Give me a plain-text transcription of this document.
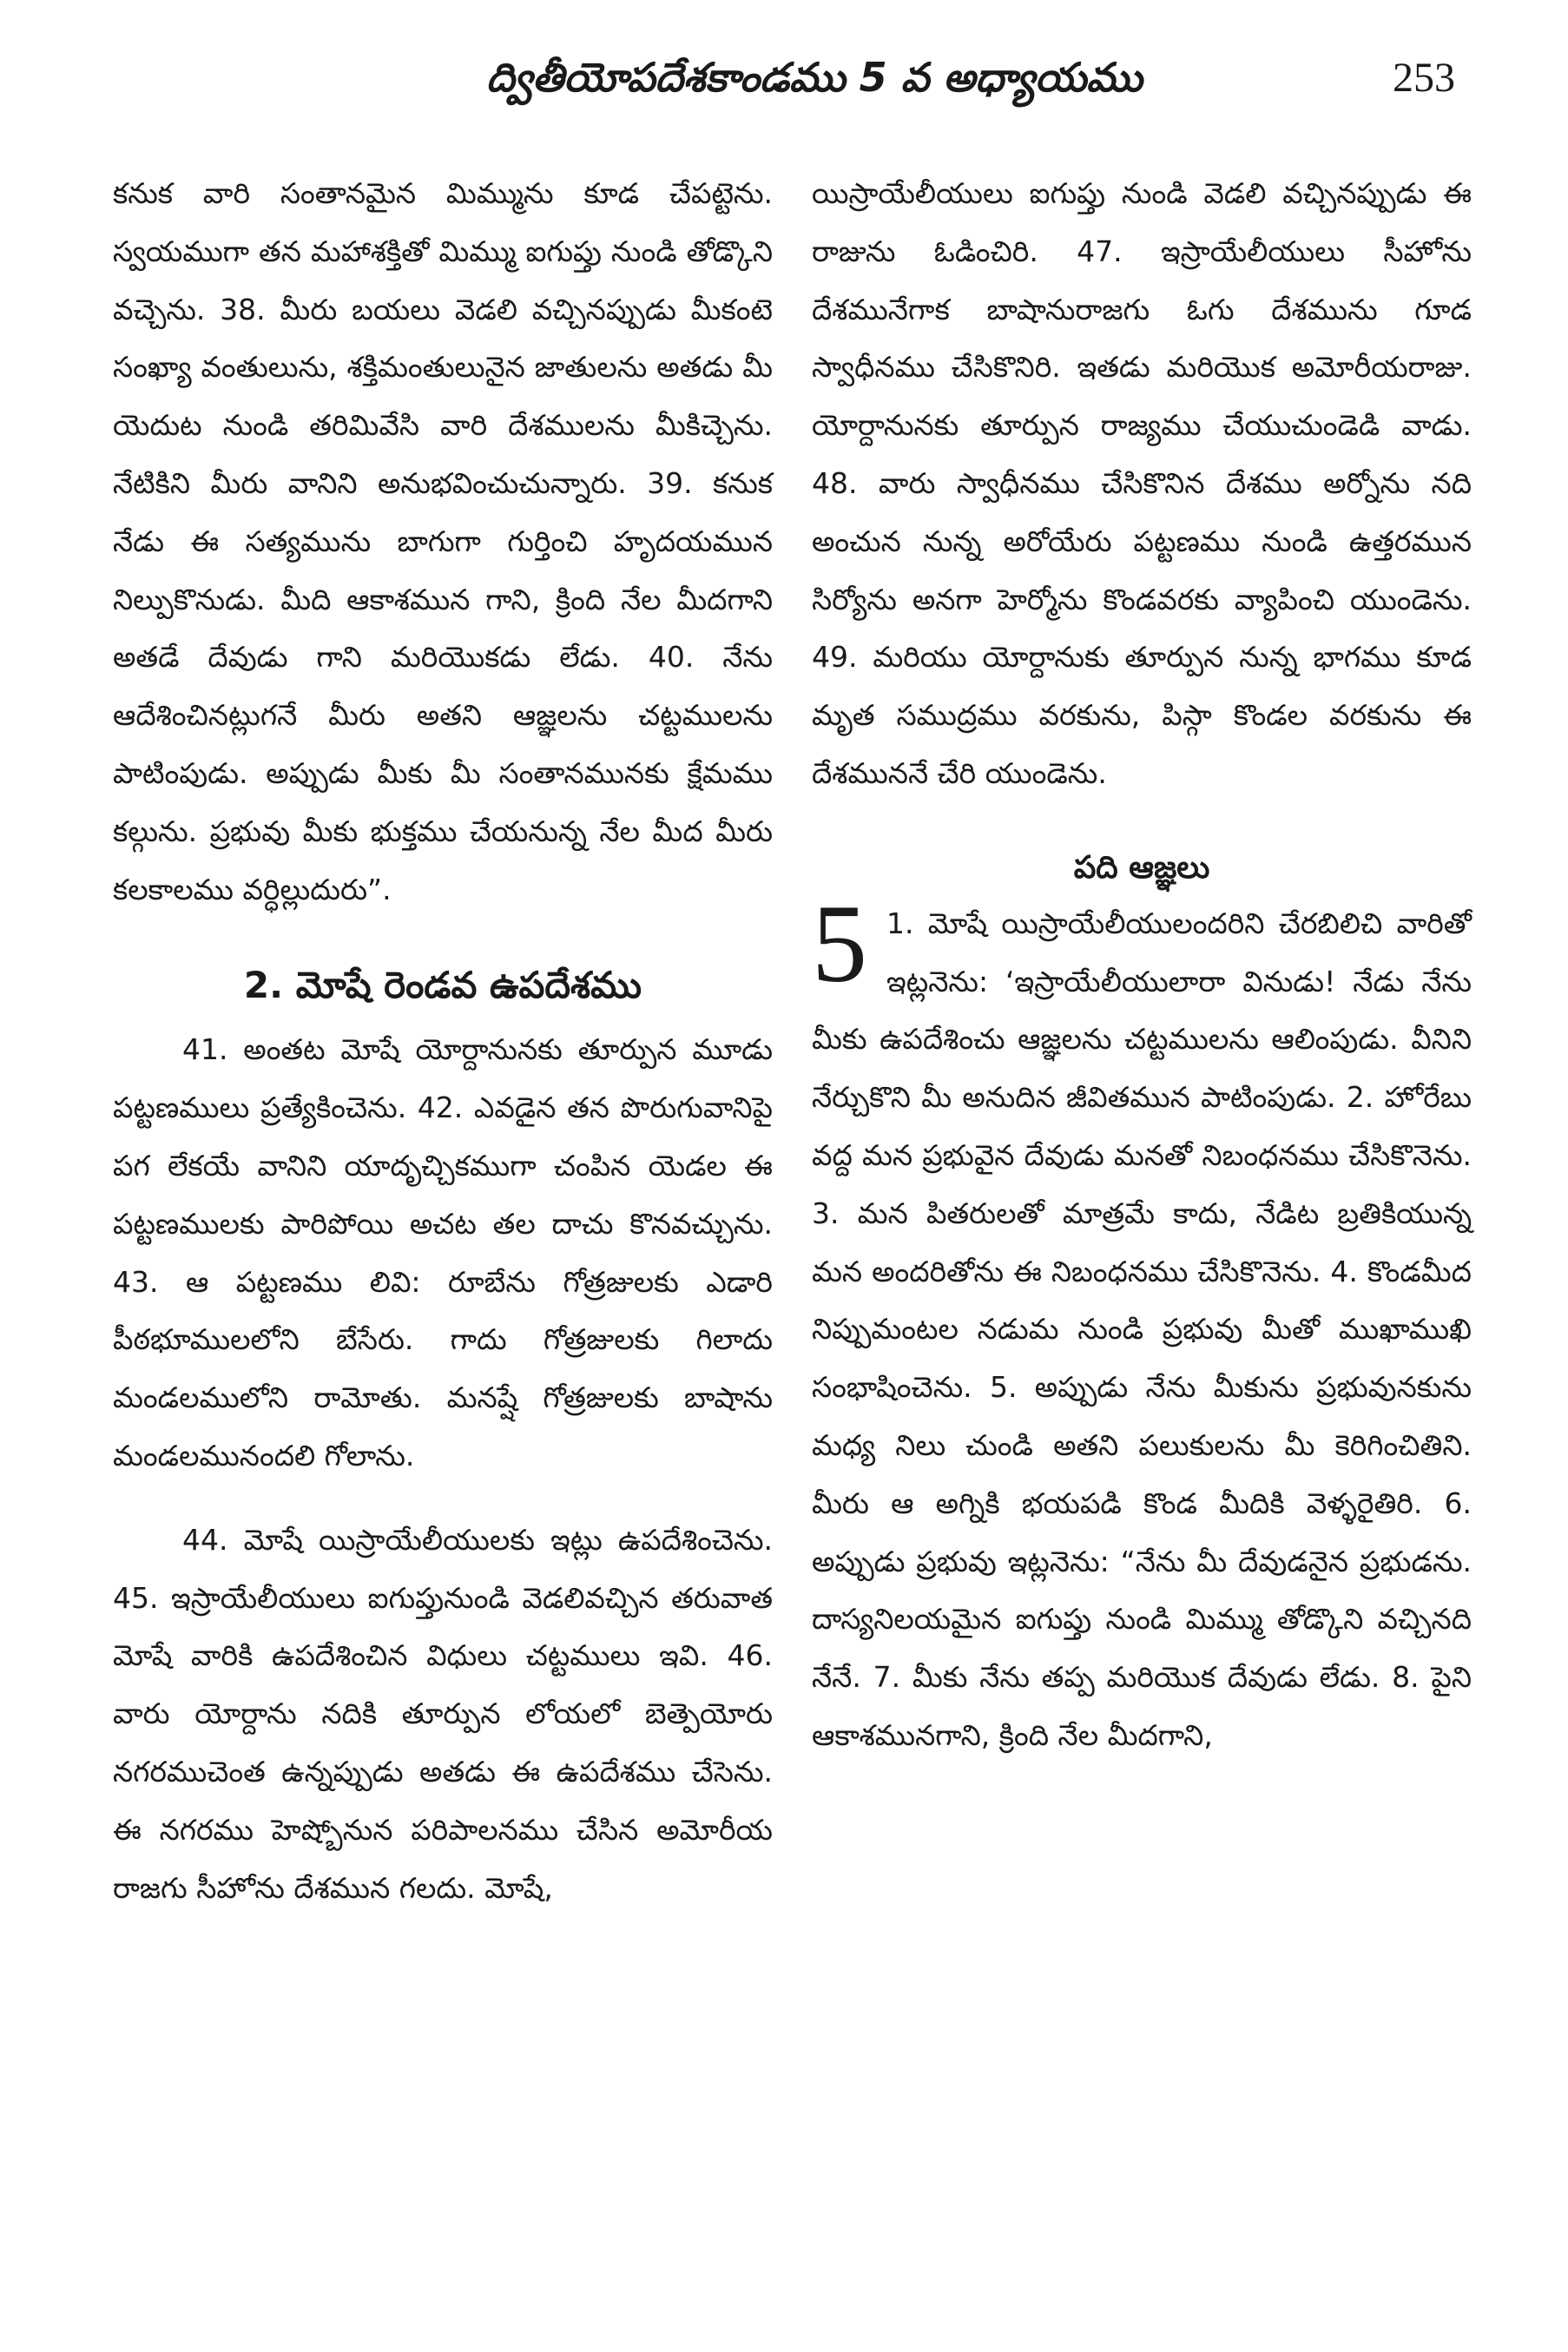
ద్వితీయోపదేశకాండము 5 వ అధ్యాయము	253

కనుక వారి సంతానమైన మిమ్మును కూడ చేపట్టెను. స్వయముగా తన మహాశక్తితో మిమ్ము ఐగుప్తు నుండి తోడ్కొని వచ్చెను. 38. మీరు బయలు వెడలి వచ్చినప్పుడు మీకంటె సంఖ్యా వంతులును, శక్తిమంతులునైన జాతులను అతడు మీ యెదుట నుండి తరిమివేసి వారి దేశములను మీకిచ్చెను. నేటికిని మీరు వానిని అనుభవించుచున్నారు. 39. కనుక నేడు ఈ సత్యమును బాగుగా గుర్తించి హృదయమున నిల్పుకొనుడు. మీది ఆకాశమున గాని, క్రింది నేల మీదగాని అతడే దేవుడు గాని మరియొకడు లేడు. 40. నేను ఆదేశించినట్లుగనే మీరు అతని ఆజ్ఞలను చట్టములను పాటింపుడు. అప్పుడు మీకు మీ సంతానమునకు క్షేమము కల్గును. ప్రభువు మీకు భుక్తము చేయనున్న నేల మీద మీరు కలకాలము వర్ధిల్లుదురు”.

2. మోషే రెండవ ఉపదేశము

41. అంతట మోషే యోర్దానునకు తూర్పున మూడు పట్టణములు ప్రత్యేకించెను. 42. ఎవడైన తన పొరుగువానిపై పగ లేకయే వానిని యాదృచ్చికముగా చంపిన యెడల ఈ పట్టణములకు పారిపోయి అచట తల దాచు కొనవచ్చును. 43. ఆ పట్టణము లివి: రూబేను గోత్రజులకు ఎడారి పీఠభూములలోని బేసేరు. గాదు గోత్రజులకు గిలాదు మండలములోని రామోతు. మనష్షే గోత్రజులకు బాషాను మండలమునందలి గోలాను.

44. మోషే యిస్రాయేలీయులకు ఇట్లు ఉపదేశించెను. 45. ఇస్రాయేలీయులు ఐగుప్తునుండి వెడలివచ్చిన తరువాత మోషే వారికి ఉపదేశించిన విధులు చట్టములు ఇవి. 46. వారు యోర్దాను నదికి తూర్పున లోయలో బెత్పెయోరు నగరముచెంత ఉన్నప్పుడు అతడు ఈ ఉపదేశము చేసెను. ఈ నగరము హెష్బోనున పరిపాలనము చేసిన అమోరీయ రాజగు సీహోను దేశమున గలదు. మోషే,

యిస్రాయేలీయులు ఐగుప్తు నుండి వెడలి వచ్చినప్పుడు ఈ రాజును ఓడించిరి. 47. ఇస్రాయేలీయులు సీహోను దేశమునేగాక బాషానురాజగు ఓగు దేశమును గూడ స్వాధీనము చేసికొనిరి. ఇతడు మరియొక అమోరీయరాజు. యోర్దానునకు తూర్పున రాజ్యము చేయుచుండెడి వాడు. 48. వారు స్వాధీనము చేసికొనిన దేశము అర్నోను నది అంచున నున్న అరోయేరు పట్టణము నుండి ఉత్తరమున సిర్యోను అనగా హెర్మోను కొండవరకు వ్యాపించి యుండెను. 49. మరియు యోర్దానుకు తూర్పున నున్న భాగము కూడ మృత సముద్రము వరకును, పిస్గా కొండల వరకును ఈ దేశముననే చేరి యుండెను.

పది ఆజ్ఞలు
5 1. మోషే యిస్రాయేలీయులందరిని చేరబిలిచి వారితో ఇట్లనెను: ‘ఇస్రాయేలీయులారా వినుడు! నేడు నేను మీకు ఉపదేశించు ఆజ్ఞలను చట్టములను ఆలింపుడు. వీనిని నేర్చుకొని మీ అనుదిన జీవితమున పాటింపుడు. 2. హోరేబు వద్ద మన ప్రభువైన దేవుడు మనతో నిబంధనము చేసికొనెను. 3. మన పితరులతో మాత్రమే కాదు, నేడిట బ్రతికియున్న మన అందరితోను ఈ నిబంధనము చేసికొనెను. 4. కొండమీద నిప్పుమంటల నడుమ నుండి ప్రభువు మీతో ముఖాముఖి సంభాషించెను. 5. అప్పుడు నేను మీకును ప్రభువునకును మధ్య నిలు చుండి అతని పలుకులను మీ కెరిగించితిని. మీరు ఆ అగ్నికి భయపడి కొండ మీదికి వెళ్ళరైతిరి. 6. అప్పుడు ప్రభువు ఇట్లనెను: “నేను మీ దేవుడనైన ప్రభుడను. దాస్యనిలయమైన ఐగుప్తు నుండి మిమ్ము తోడ్కొని వచ్చినది నేనే. 7. మీకు నేను తప్ప మరియొక దేవుడు లేడు. 8. పైని ఆకాశమునగాని, క్రింది నేల మీదగాని,
